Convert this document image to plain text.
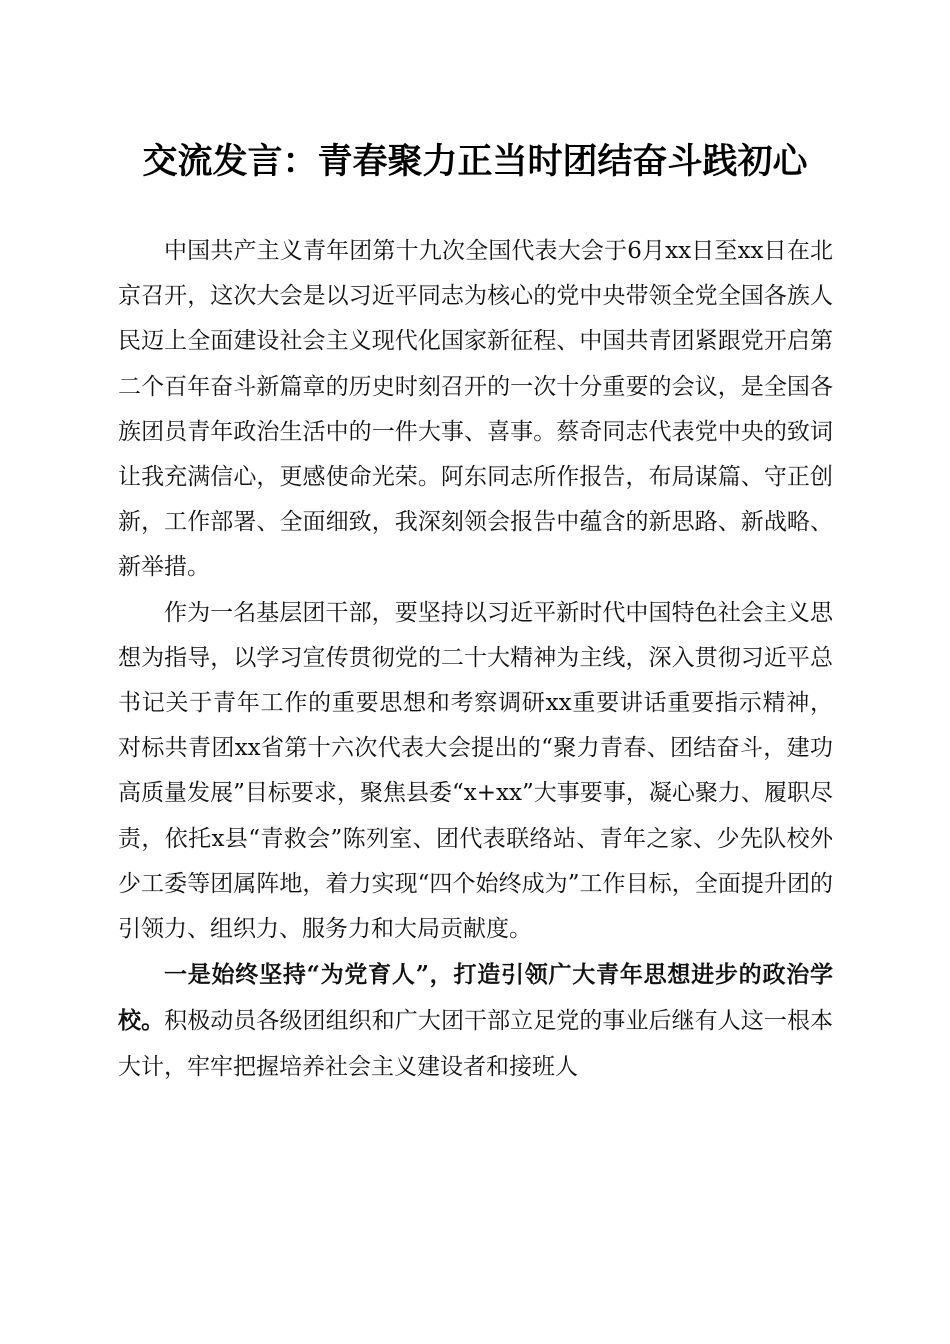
交流发言：青春聚力正当时团结奋斗践初心

中国共产主义青年团第十九次全国代表大会于6月xx日至xx日在北京召开，这次大会是以习近平同志为核心的党中央带领全党全国各族人民迈上全面建设社会主义现代化国家新征程、中国共青团紧跟党开启第二个百年奋斗新篇章的历史时刻召开的一次十分重要的会议，是全国各族团员青年政治生活中的一件大事、喜事。蔡奇同志代表党中央的致词让我充满信心，更感使命光荣。阿东同志所作报告，布局谋篇、守正创新，工作部署、全面细致，我深刻领会报告中蕴含的新思路、新战略、新举措。

作为一名基层团干部，要坚持以习近平新时代中国特色社会主义思想为指导，以学习宣传贯彻党的二十大精神为主线，深入贯彻习近平总书记关于青年工作的重要思想和考察调研xx重要讲话重要指示精神，对标共青团xx省第十六次代表大会提出的“聚力青春、团结奋斗，建功高质量发展”目标要求，聚焦县委“x+xx”大事要事，凝心聚力、履职尽责，依托x县“青救会”陈列室、团代表联络站、青年之家、少先队校外少工委等团属阵地，着力实现“四个始终成为”工作目标，全面提升团的引领力、组织力、服务力和大局贡献度。

一是始终坚持“为党育人”，打造引领广大青年思想进步的政治学校。积极动员各级团组织和广大团干部立足党的事业后继有人这一根本大计，牢牢把握培养社会主义建设者和接班人
